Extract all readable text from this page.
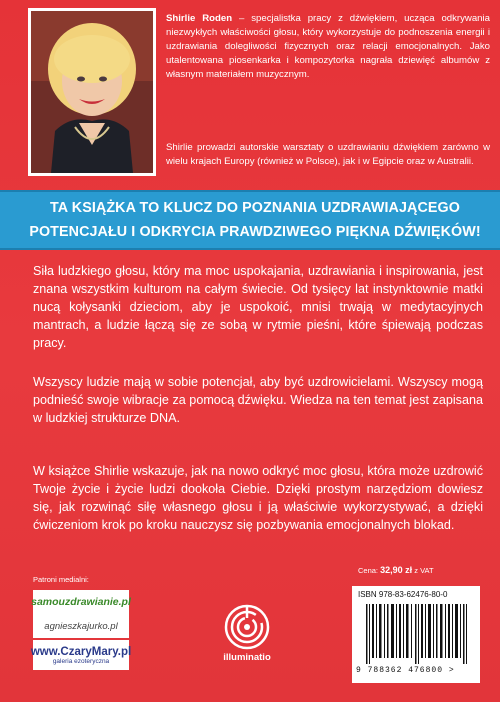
Shirlie Roden – specjalistka pracy z dźwiękiem, ucząca odkrywania niezwykłych właściwości głosu, który wykorzystuje do podnoszenia energii i uzdrawiania dolegliwości fizycznych oraz relacji emocjonalnych. Jako utalentowana piosenkarka i kompozytorka nagrała dziewięć albumów z własnym materiałem muzycznym.
Shirlie prowadzi autorskie warsztaty o uzdrawianiu dźwiękiem zarówno w wielu krajach Europy (również w Polsce), jak i w Egipcie oraz w Australii.
TA KSIĄŻKA TO KLUCZ DO POZNANIA UZDRAWIAJĄCEGO
POTENCJAŁU I ODKRYCIA PRAWDZIWEGO PIĘKNA DŹWIĘKÓW!

Siła ludzkiego głosu, który ma moc uspokajania, uzdrawiania i inspirowania, jest znana wszystkim kulturom na całym świecie. Od tysięcy lat instynktownie matki nucą kołysanki dzieciom, aby je uspokoić, mnisi trwają w medytacyjnych mantrach, a ludzie łączą się ze sobą w rytmie pieśni, które śpiewają podczas pracy.

Wszyscy ludzie mają w sobie potencjał, aby być uzdrowicielami. Wszyscy mogą podnieść swoje wibracje za pomocą dźwięku. Wiedza na ten temat jest zapisana w ludzkiej strukturze DNA.

W książce Shirlie wskazuje, jak na nowo odkryć moc głosu, która może uzdrowić Twoje życie i życie ludzi dookoła Ciebie. Dzięki prostym narzędziom dowiesz się, jak rozwinąć siłę własnego głosu i ją właściwie wykorzystywać, a dzięki ćwiczeniom krok po kroku nauczysz się pozbywania emocjonalnych blokad.

Patroni medialni:
samouzdrawianie.pl
agnieszkajurko.pl
www.CzaryMary.pl
galeria ezoteryczna	illuminatio
Cena: 32,90 zł z VAT
ISBN 978-83-62476-80-0
9 788362 476800 >
